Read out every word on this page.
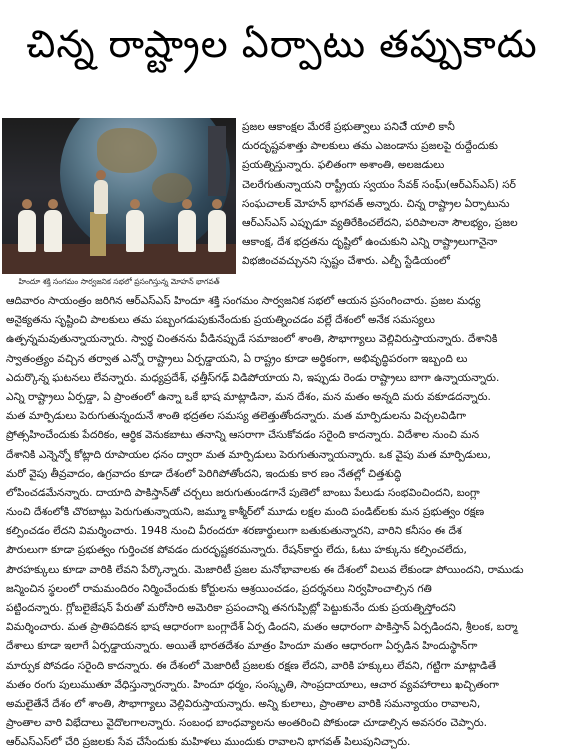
చిన్న రాష్ట్రాల ఏర్పాటు తప్పుకాదు
హిందూ శక్తి సంగమం సార్వజనిక సభలో ప్రసంగిస్తున్న మోహన్ భాగవత్
ప్రజల ఆకాంక్షల మేరకే ప్రభుత్వాలు పనిచేే యాలి కానీ
దురదృష్టవశాత్తు పాలకులు తమ ఎజండాను ప్రజలపై రుద్దేందుకు
ప్రయత్నిస్తున్నారు. ఫలితంగా అశాంతి, అలజడులు
చెలరేగుతున్నాయని రాష్ట్రీయ స్వయం సేవక్ సంఘ్(ఆర్ఎస్ఎస్) సర్
సంఘచాలక్ మోహన్ భాగవత్ అన్నారు. చిన్న రాష్ట్రాల ఏర్పాటును
ఆర్ఎస్ఎస్ ఎప్పుడూ వ్యతిరేకించలేదని, పరిపాలనా సౌలభ్యం, ప్రజల
ఆకాంక్ష, దేశ భద్రతను దృష్టిలో ఉంచుకుని ఎన్ని రాష్ట్రాలుగానైనా
విభజించవచ్చునని స్పష్టం చేశారు. ఎల్బీ స్టేడియంలో
ఆదివారం సాయంత్రం జరిగిన ఆర్ఎస్ఎస్ హిందూ శక్తి సంగమం సార్వజనిక సభలో ఆయన ప్రసంగించారు. ప్రజల మధ్య
అనైక్యతను సృష్టించి పాలకులు తమ పబ్బంగడుపుకునేందుకు ప్రయత్నించడం వల్లే దేశంలో అనేక సమస్యలు
ఉత్పన్నమవుతున్నాయన్నారు. స్వార్థ చింతనను వీడినప్పుడే సమాజంలో శాంతి, సౌభాగ్యాలు వెల్లివిరుస్తాయన్నారు. దేశానికి
స్వాతంత్ర్యం వచ్చిన తర్వాత ఎన్నో రాష్ట్రాలు ఏర్పడ్డాయని, ఏ రాష్ట్రం కూడా అర్థికంగా, అభివృద్ధిపరంగా ఇబ్బంది లు
ఎదుర్కొన్న ఘటనలు లేవన్నారు. మధ్యప్రదేశ్, ఛత్తీస్‌గఢ్ విడిపోయాయ ని, ఇప్పుడు రెండు రాష్ట్రాలు బాగా ఉన్నాయన్నారు.
ఎన్ని రాష్ట్రాలు ఏర్పడ్డా, ఏ ప్రాంతంలో ఉన్నా ఒకే భాష మాట్లాడినా, మన దేశం, మన మతం అన్నది మరు వకూడదన్నారు.
మత మార్పిడులు పెరుగుతున్నందునే శాంతి భద్రతల సమస్య తలెత్తుతోందన్నారు. మత మార్పిడులను విచ్చలవిడిగా
ప్రోత్సహించేందుకు పేదరికం, ఆర్థిక వెనుకబాటు తనాన్ని ఆసరాగా చేసుకోవడం సరైంది కాదన్నారు. విదేశాల నుంచి మన
దేశానికి ఎన్నెన్నో కోట్లాది రూపాయల ధనం ద్వారా మత మార్పిడులు పెరుగుతున్నాయన్నారు. ఒక వైపు మత మార్పిడులు,
మరో వైపు తీవ్రవాదం, ఉగ్రవాదం కూడా దేశంలో పెరిగిపోతోందని, ఇందుకు కార ణం నేతల్లో చిత్తశుద్ధి
లోపించడమేనన్నారు. దాయాది పాకిస్తాన్‌తో చర్చలు జరుగుతుండగానే పుణెలో బాంబు పేలుడు సంభవించిందని, బంగ్లా
నుంచి దేశంలోకి చొరబాట్లు పెరుగుతున్నాయని, జమ్మూ కాశ్మీర్‌లో మూడు లక్షల మంది పండిట్‌లకు మన ప్రభుత్వం రక్షణ
కల్పించడం లేదని విమర్శించారు. 1948 నుంచి వీరందరూ శరణార్థులుగా బతుకుతున్నారని, వారిని కనీసం ఈ దేశ
పౌరులుగా కూడా ప్రభుత్వం గుర్తించక పోవడం దురదృష్టకరమన్నారు. రేషన్‌కార్డు లేదు, ఓటు హక్కును కల్పించలేదు,
పౌరహక్కులు కూడా వారికి లేవని పేర్కొన్నారు. మెజారిటీ ప్రజల మనోభావాలకు ఈ దేశంలో విలువ లేకుండా పోయిందని, రాముడు
జన్మించిన స్థలంలో రామమందిరం నిర్మించేందుకు కోర్టులను ఆశ్రయించడం, ప్రదర్శనలు నిర్వహించాల్సిన గతి
పట్టిందన్నారు. గ్లోబలైజేషన్ పేరుతో మరోసారి అమెరికా ప్రపంచాన్ని తనగుప్పిట్లో పెట్టుకునేం దుకు ప్రయత్నిస్తోందని
విమర్శించారు. మత ప్రాతిపదికన భాష ఆధారంగా బంగ్లాదేశ్ ఏర్ప డిందని, మతం ఆధారంగా పాకిస్తాన్ ఏర్పడిందని, శ్రీలంక, బర్మా
దేశాలు కూడా ఇలాగే ఏర్పడ్డాయన్నారు. అయితే భారతదేశం మాత్రం హిందూ మతం ఆధారంగా ఏర్పడిన హిందుస్థాన్‌గా
మార్పుక పోవడం సరైంది కాదన్నారు. ఈ దేశంలో మెజారిటీ ప్రజలకు రక్షణ లేదని, వారికి హక్కులు లేవని, గట్టిగా మాట్లాడితే
మతం రంగు పులుముతూ వేధిస్తున్నారన్నారు. హిందూ ధర్మం, సంస్కృతి, సాంప్రదాయాలు, ఆచార వ్యవహారాలు ఖచ్చితంగా
అమలైతేనే దేశం లో శాంతి, సౌభాగ్యాలు వెల్లివిరుస్తాయన్నారు. అన్ని కులాలు, ప్రాంతాల వారికి సమన్యాయం రావాలని,
ప్రాంతాల వారి విభేదాలు వైదొలగాలన్నారు. సంబంధ బాంధవ్యాలను అంతరించి పోకుండా చూడాల్సిన అవసరం చెప్పారు.
ఆర్ఎస్ఎస్‌లో చేరి ప్రజలకు సేవ చేసేందుకు మహిళలు ముందుకు రావాలని భాగవత్ పిలుపునిచ్చారు.
